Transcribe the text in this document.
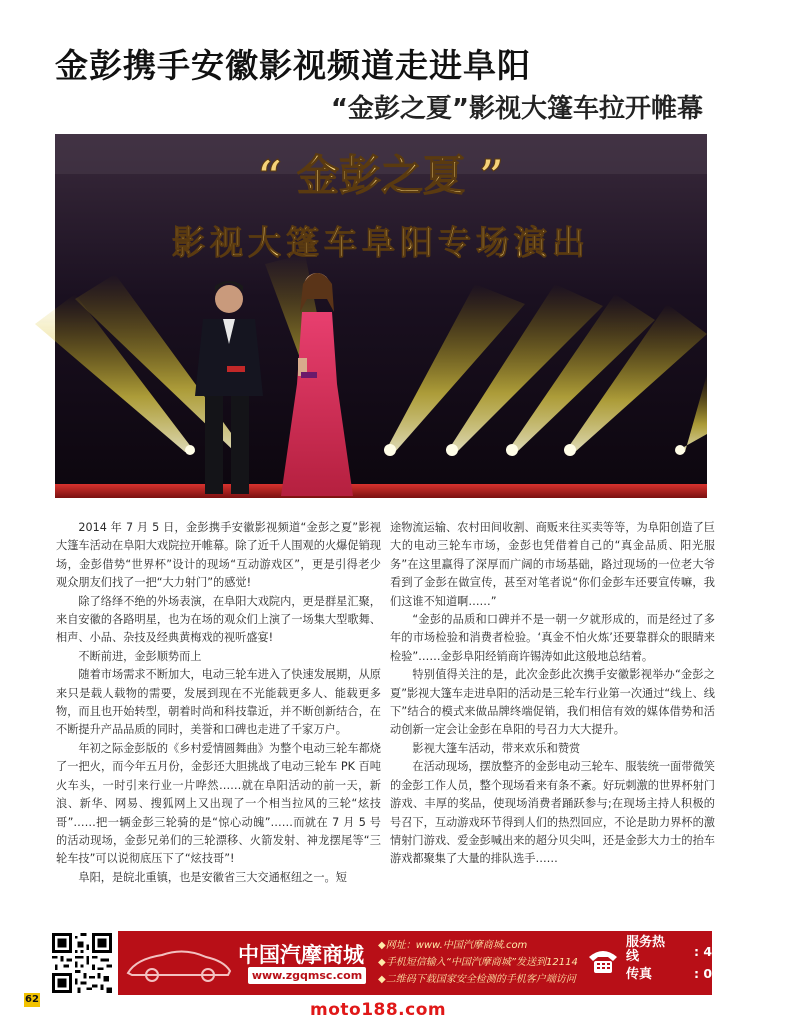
金彭携手安徽影视频道走进阜阳
“金彭之夏”影视大篷车拉开帷幕
“ 金彭之夏 ”
影视大篷车阜阳专场演出

2014 年 7 月 5 日，金彭携手安徽影视频道“金彭之夏”影视大篷车活动在阜阳大戏院拉开帷幕。除了近千人围观的火爆促销现场，金彭借势“世界杯”设计的现场“互动游戏区”，更是引得老少观众朋友们找了一把“大力射门”的感觉!

除了络绎不绝的外场表演，在阜阳大戏院内，更是群星汇聚，来自安徽的各路明星，也为在场的观众们上演了一场集大型歌舞、相声、小品、杂技及经典黄梅戏的视听盛宴!

不断前进，金彭顺势而上

随着市场需求不断加大，电动三轮车进入了快速发展期，从原来只是载人载物的需要，发展到现在不光能载更多人、能载更多物，而且也开始转型，朝着时尚和科技靠近，并不断创新结合，在不断提升产品品质的同时，美誉和口碑也走进了千家万户。

年初之际金彭版的《乡村爱情圆舞曲》为整个电动三轮车都烧了一把火，而今年五月份，金彭还大胆挑战了电动三轮车 PK 百吨火车头，一时引来行业一片哗然……就在阜阳活动的前一天，新浪、新华、网易、搜狐网上又出现了一个相当拉风的三轮“炫技哥”……把一辆金彭三轮骑的是“惊心动魄”……而就在 7 月 5 号的活动现场，金彭兄弟们的三轮漂移、火箭发射、神龙摆尾等“三轮车技”可以说彻底压下了“炫技哥”!

阜阳，是皖北重镇，也是安徽省三大交通枢纽之一。短

途物流运输、农村田间收割、商贩来往买卖等等，为阜阳创造了巨大的电动三轮车市场，金彭也凭借着自己的“真金品质、阳光服务”在这里赢得了深厚而广阔的市场基础，路过现场的一位老大爷看到了金彭在做宣传，甚至对笔者说“你们金彭车还要宣传嘛，我们这谁不知道啊……”

“金彭的品质和口碑并不是一朝一夕就形成的，而是经过了多年的市场检验和消费者检验。‘真金不怕火炼’还要靠群众的眼睛来检验”……金彭阜阳经销商许锡涛如此这般地总结着。

特别值得关注的是，此次金彭此次携手安徽影视举办“金彭之夏”影视大篷车走进阜阳的活动是三轮车行业第一次通过“线上、线下”结合的模式来做品牌终端促销，我们相信有效的媒体借势和活动创新一定会让金彭在阜阳的号召力大大提升。

影视大篷车活动，带来欢乐和赞赏

在活动现场，摆放整齐的金彭电动三轮车、服装统一面带微笑的金彭工作人员，整个现场看来有条不紊。好玩刺激的世界杯射门游戏、丰厚的奖品，使现场消费者踊跃参与;在现场主持人积极的号召下，互动游戏环节得到人们的热烈回应，不论是助力界杯的激情射门游戏、爱金彭喊出来的超分贝尖叫，还是金彭大力士的抬车游戏都聚集了大量的排队选手……

中国汽摩商城
www.zgqmsc.com
◆网址：www.中国汽摩商城.com
◆手机短信输入“中国汽摩商城”发送到12114
◆二维码下载国家安全检测的手机客户端访问
服务热线
传真
: 400-023-5959
: 023-67731065
62
moto188.com
